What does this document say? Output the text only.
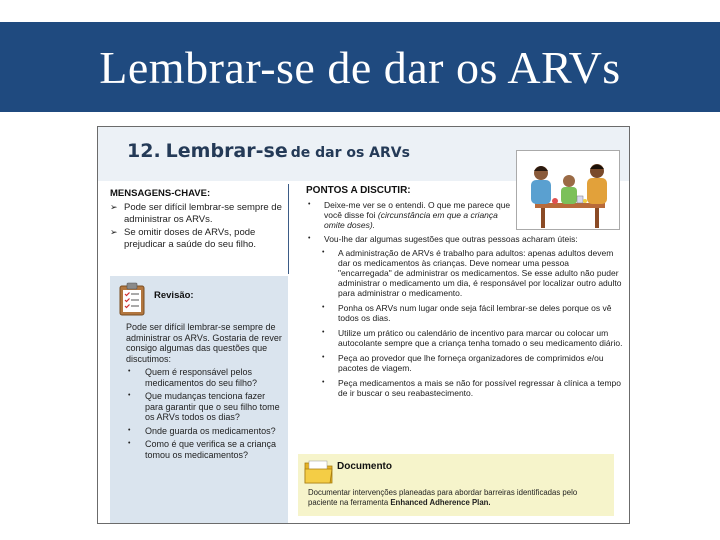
Lembrar-se de dar os ARVs
12. Lembrar-se de dar os ARVs
MENSAGENS-CHAVE:
➢ Pode ser difícil lembrar-se sempre de administrar os ARVs.
➢ Se omitir doses de ARVs, pode prejudicar a saúde do seu filho.
Revisão:
Pode ser difícil lembrar-se sempre de administrar os ARVs. Gostaria de rever consigo algumas das questões que discutimos:
• Quem é responsável pelos medicamentos do seu filho?
• Que mudanças tenciona fazer para garantir que o seu filho tome os ARVs todos os dias?
• Onde guarda os medicamentos?
• Como é que verifica se a criança tomou os medicamentos?
PONTOS A DISCUTIR:
• Deixe-me ver se o entendi. O que me parece que você disse foi (circunstância em que a criança omite doses).
• Vou-lhe dar algumas sugestões que outras pessoas acharam úteis:
• A administração de ARVs é trabalho para adultos: apenas adultos devem dar os medicamentos às crianças. Deve nomear uma pessoa "encarregada" de administrar os medicamentos. Se esse adulto não puder administrar o medicamento um dia, é responsável por localizar outro adulto para administrar o medicamento.
• Ponha os ARVs num lugar onde seja fácil lembrar-se deles porque os vê todos os dias.
• Utilize um prático ou calendário de incentivo para marcar ou colocar um autocolante sempre que a criança tenha tomado o seu medicamento diário.
• Peça ao provedor que lhe forneça organizadores de comprimidos e/ou pacotes de viagem.
• Peça medicamentos a mais se não for possível regressar à clínica a tempo de ir buscar o seu reabastecimento.
Documento
Documentar intervenções planeadas para abordar barreiras identificadas pelo paciente na ferramenta Enhanced Adherence Plan.
